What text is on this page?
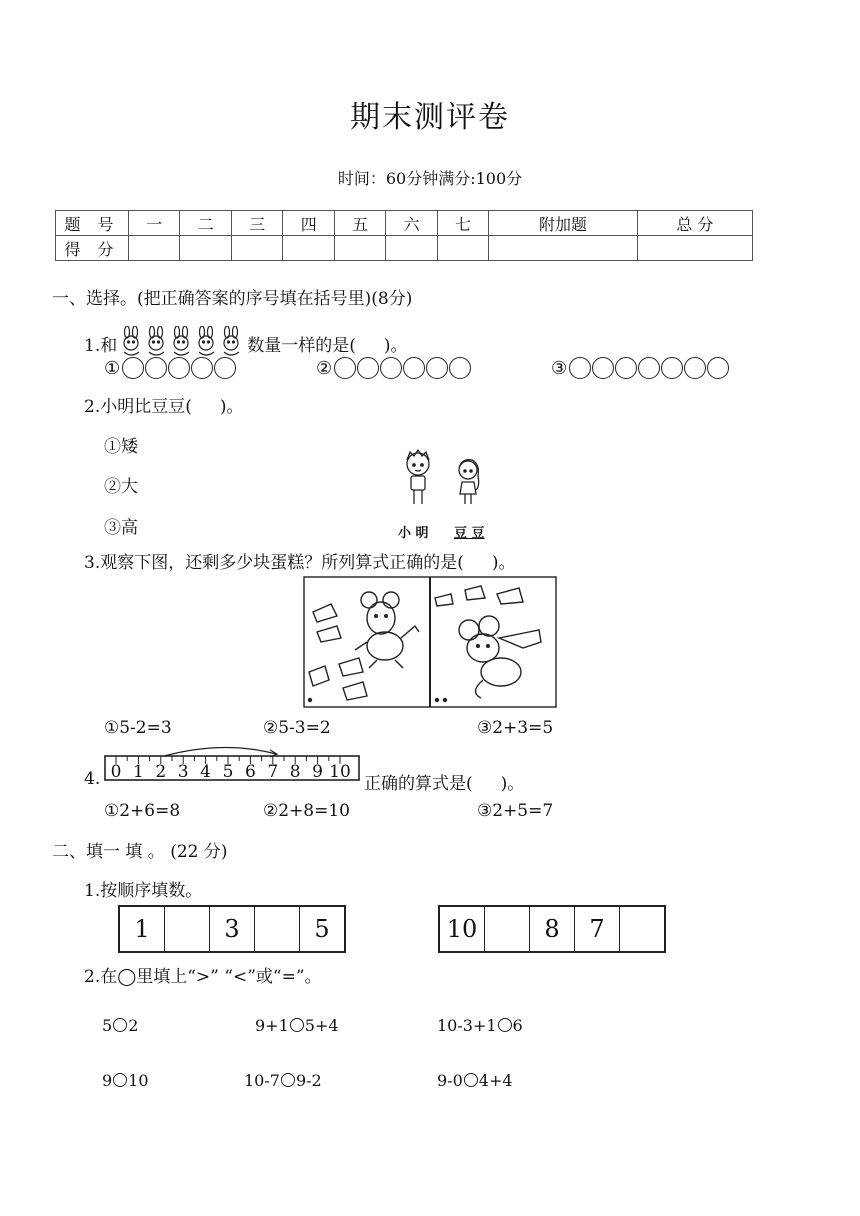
期末测评卷
时间：60分钟满分:100分
题 号	一	二	三	四	五	六	七	附加题	总 分
得 分									
一、选择。(把正确答案的序号填在括号里)(8分)
1.和	数量一样的是( )。
①	②	③
2.小明比豆豆( )。
①矮
②大
③高	小 明 豆 豆
3.观察下图，还剩多少块蛋糕？所列算式正确的是( )。
①5-2=3	②5-3=2	③2+3=5
4. 0 1 2 3 4 5 6 7 8 9 10
正确的算式是( )。
①2+6=8	②2+8=10	③2+5=7
二、填一 填 。 (22 分)
1.按顺序填数。
1	3	5	10	8	7
2.在◯里填上“>” “<”或“=”。
5 2	9+1 5+4	10-3+1 6
9 10	10-7 9-2	9-0 4+4
